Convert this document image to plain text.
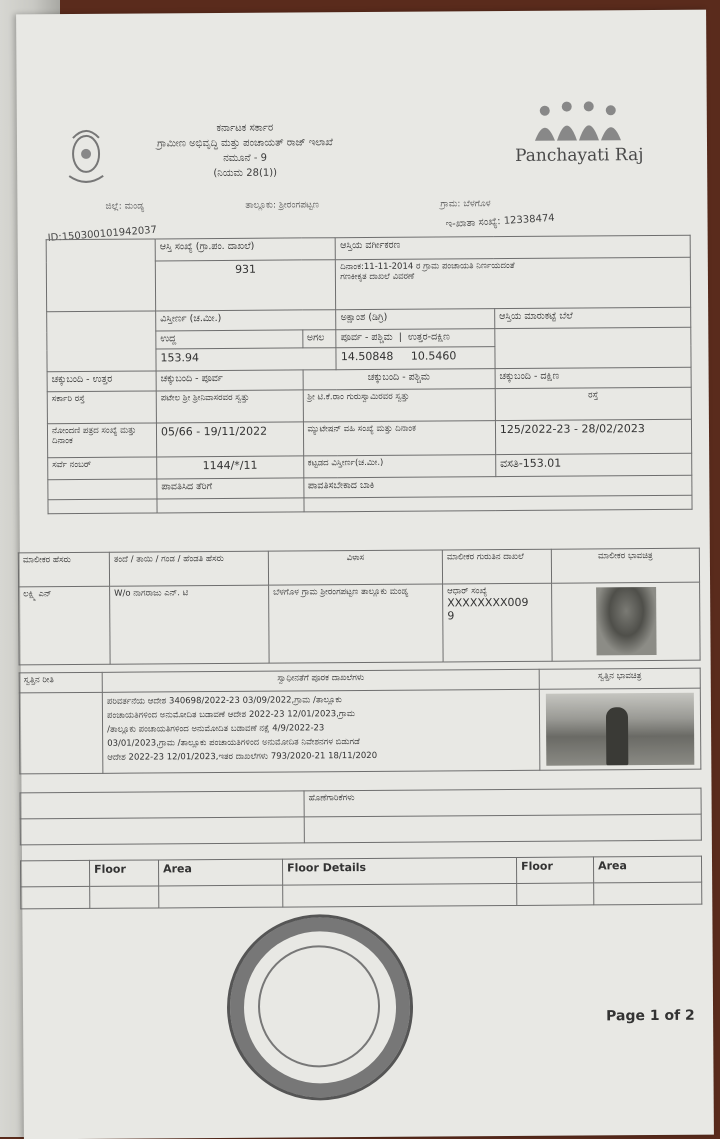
ಕರ್ನಾಟಕ ಸರ್ಕಾರ
ಗ್ರಾಮೀಣ ಅಭಿವೃದ್ಧಿ ಮತ್ತು ಪಂಚಾಯತ್ ರಾಜ್ ಇಲಾಖೆ
ನಮೂನೆ - 9
(ನಿಯಮ 28(1))
Panchayati Raj
ಜಿಲ್ಲೆ: ಮಂಡ್ಯ	ತಾಲ್ಲೂಕು: ಶ್ರೀರಂಗಪಟ್ಟಣ	ಗ್ರಾಮ: ಬೆಳಗೊಳ
ID:150300101942037
ಇ-ಖಾತಾ ಸಂಖ್ಯೆ: 12338474
	ಆಸ್ತಿ ಸಂಖ್ಯೆ (ಗ್ರಾ.ಪಂ. ದಾಖಲೆ)		ಆಸ್ತಿಯ ವರ್ಗೀಕರಣ	
	931		ದಿನಾಂಕ:11-11-2014 ರ ಗ್ರಾಮ ಪಂಚಾಯತಿ ನಿರ್ಣಯದಂತೆ
ಗಣಕೀಕೃತ ದಾಖಲೆ ವಿವರಣೆ	

	ವಿಸ್ತೀರ್ಣ (ಚ.ಮೀ.)		ಅಕ್ಷಾಂಶ (ಡಿಗ್ರಿ)	ಆಸ್ತಿಯ ಮಾರುಕಟ್ಟೆ ಬೆಲೆ
	ಉದ್ದ	ಅಗಲ	ಪೂರ್ವ - ಪಶ್ಚಿಮ  |  ಉತ್ತರ-ದಕ್ಷಿಣ	
	153.94		14.50848 10.5460	
ಚಕ್ಕುಬಂದಿ - ಉತ್ತರ	ಚಕ್ಕುಬಂದಿ - ಪೂರ್ವ	ಚಕ್ಕುಬಂದಿ - ಪಶ್ಚಿಮ		ಚಕ್ಕುಬಂದಿ - ದಕ್ಷಿಣ
ಸರ್ಕಾರಿ ರಸ್ತೆ	ಪಟೇಲ ಶ್ರೀ ಶ್ರೀನಿವಾಸರವರ ಸ್ವತ್ತು	ಶ್ರೀ ಟಿ.ಕೆ.ರಾಂ ಗುರುಸ್ವಾಮಿರವರ ಸ್ವತ್ತು		ರಸ್ತೆ
ನೋಂದಣಿ ಪತ್ರದ ಸಂಖ್ಯೆ ಮತ್ತು ದಿನಾಂಕ	05/66 - 19/11/2022	ಮ್ಯುಟೇಷನ್ ವಹಿ ಸಂಖ್ಯೆ ಮತ್ತು ದಿನಾಂಕ		125/2022-23 - 28/02/2023
ಸರ್ವೆ ನಂಬರ್	1144/*/11	ಕಟ್ಟಡದ ವಿಸ್ತೀರ್ಣ(ಚ.ಮೀ.)		ವಸತಿ-153.01
	ಪಾವತಿಸಿದ ತೆರಿಗೆ	ಪಾವತಿಸಬೇಕಾದ ಬಾಕಿ		

ಮಾಲೀಕರ ಹೆಸರು	ತಂದೆ / ತಾಯಿ / ಗಂಡ / ಹೆಂಡತಿ ಹೆಸರು	ವಿಳಾಸ	ಮಾಲೀಕರ ಗುರುತಿನ ದಾಖಲೆ	ಮಾಲೀಕರ ಭಾವಚಿತ್ರ
ಲಕ್ಷ್ಮಿ ಎನ್	W/o ನಾಗರಾಜು ಎನ್. ಟಿ	ಬೆಳಗೊಳ ಗ್ರಾಮ ಶ್ರೀರಂಗಪಟ್ಟಣ ತಾಲ್ಲೂಕು ಮಂಡ್ಯ	ಆಧಾರ್ ಸಂಖ್ಯೆ
XXXXXXXX009
9	

ಸ್ವತ್ತಿನ ರೀತಿ	ಸ್ವಾಧೀನತೆಗೆ ಪೂರಕ ದಾಖಲೆಗಳು	ಸ್ವತ್ತಿನ ಭಾವಚಿತ್ರ

	ಪರಿವರ್ತನೆಯ ಆದೇಶ 340698/2022-23 03/09/2022,ಗ್ರಾಮ /ತಾಲ್ಲೂಕು
ಪಂಚಾಯತಿಗಳಿಂದ ಅನುಮೋದಿತ ಬಡಾವಣೆ ಆದೇಶ 2022-23 12/01/2023,ಗ್ರಾಮ
/ತಾಲ್ಲೂಕು ಪಂಚಾಯತಿಗಳಿಂದ ಅನುಮೋದಿತ ಬಡಾವಣೆ ನಕ್ಷೆ 4/9/2022-23
03/01/2023,ಗ್ರಾಮ /ತಾಲ್ಲೂಕು ಪಂಚಾಯತಿಗಳಿಂದ ಅನುಮೋದಿತ ನಿವೇಶನಗಳ ಬಿಡುಗಡೆ
ಆದೇಶ 2022-23 12/01/2023,ಇತರ ದಾಖಲೆಗಳು 793/2020-21 18/11/2020	

	ಹೊಣೆಗಾರಿಕೆಗಳು

	Floor	Area	Floor Details	Floor	Area

Page 1 of 2
